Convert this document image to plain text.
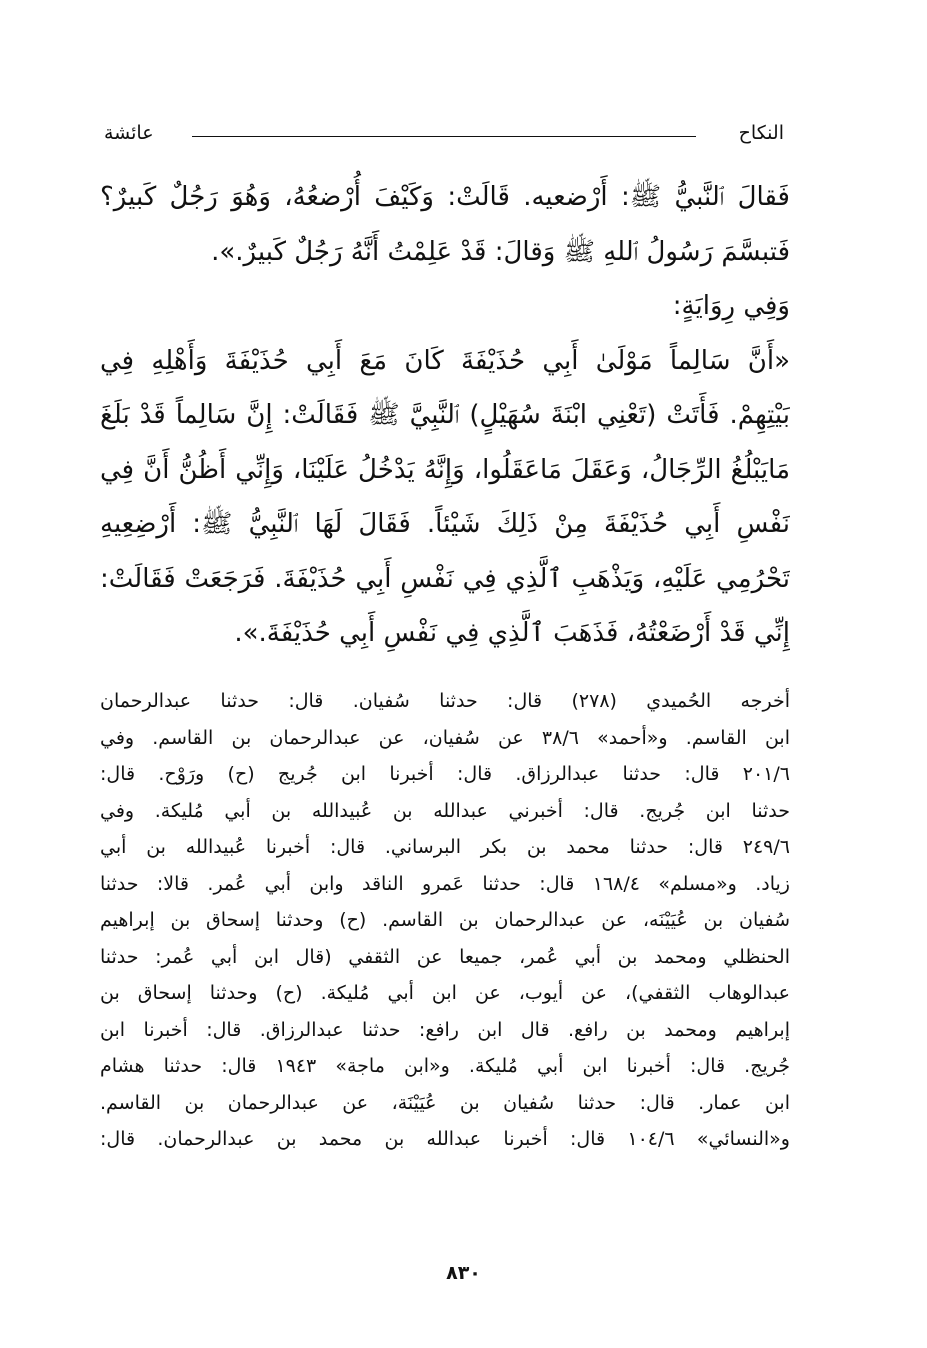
النكاح
عائشة
فَقالَ ٱلنَّبيُّ ﷺ: أَرْضعيه. قَالَتْ: وَكَيْفَ أُرْضعُهُ، وَهُوَ رَجُلٌ كَبيرٌ؟
فَتبسَّمَ رَسُولُ ٱللهِ ﷺ وَقالَ: قَدْ عَلِمْتُ أَنَّهُ رَجُلٌ كَبيرٌ.».
وَفِي رِوَايَةٍ:
«أَنَّ سَالِماً مَوْلَىٰ أَبِي حُذَيْفَةَ كَانَ مَعَ أَبِي حُذَيْفَةَ وَأَهْلِهِ فِي
بَيْتِهِمْ. فَأَتَتْ (تَعْنِي ابْنَةَ سُهَيْلٍ) ٱلنَّبِيَّ ﷺ فَقَالَتْ: إِنَّ سَالِماً قَدْ بَلَغَ
مَايَبْلُغُ الرِّجَالُ، وَعَقَلَ مَاعَقَلُوا، وَإِنَّهُ يَدْخُلُ عَلَيْنَا، وَإِنِّي أَظُنُّ أَنَّ فِي
نَفْسِ أَبِي حُذَيْفَةَ مِنْ ذَلِكَ شَيْئاً. فَقَالَ لَهَا ٱلنَّبِيُّ ﷺ: أَرْضِعِيهِ
تَحْرُمِي عَلَيْهِ، وَيَذْهَبِ ٱلَّذِي فِي نَفْسِ أَبِي حُذَيْفَةَ. فَرَجَعَتْ فَقَالَتْ:
إِنِّي قَدْ أَرْضَعْتُهُ، فَذَهَبَ ٱلَّذِي فِي نَفْسِ أَبِي حُذَيْفَةَ.».
أخرجه الحُميدي (٢٧٨) قال: حدثنا سُفيان. قال: حدثنا عبدالرحمان
ابن القاسم. و«أحمد» ٣٨/٦ عن سُفيان، عن عبدالرحمان بن القاسم. وفي
٢٠١/٦ قال: حدثنا عبدالرزاق. قال: أخبرنا ابن جُريج (ح) ورَوْح. قال:
حدثنا ابن جُريج. قال: أخبرني عبدالله بن عُبيدالله بن أبي مُليكة. وفي
٢٤٩/٦ قال: حدثنا محمد بن بكر البرساني. قال: أخبرنا عُبيدالله بن أبي
زياد. و«مسلم» ١٦٨/٤ قال: حدثنا عَمرو الناقد وابن أبي عُمر. قالا: حدثنا
سُفيان بن عُيَيْنَه، عن عبدالرحمان بن القاسم. (ح) وحدثنا إسحاق بن إبراهيم
الحنظلي ومحمد بن أبي عُمر، جميعا عن الثقفي (قال ابن أبي عُمر: حدثنا
عبدالوهاب الثقفي)، عن أيوب، عن ابن أبي مُليكة. (ح) وحدثنا إسحاق بن
إبراهيم ومحمد بن رافع. قال ابن رافع: حدثنا عبدالرزاق. قال: أخبرنا ابن
جُريج. قال: أخبرنا ابن أبي مُليكة. و«ابن ماجة» ١٩٤٣ قال: حدثنا هشام
ابن عمار. قال: حدثنا سُفيان بن عُيَيْنَة، عن عبدالرحمان بن القاسم.
و«النسائي» ١٠٤/٦ قال: أخبرنا عبدالله بن محمد بن عبدالرحمان. قال:
٨٣٠
